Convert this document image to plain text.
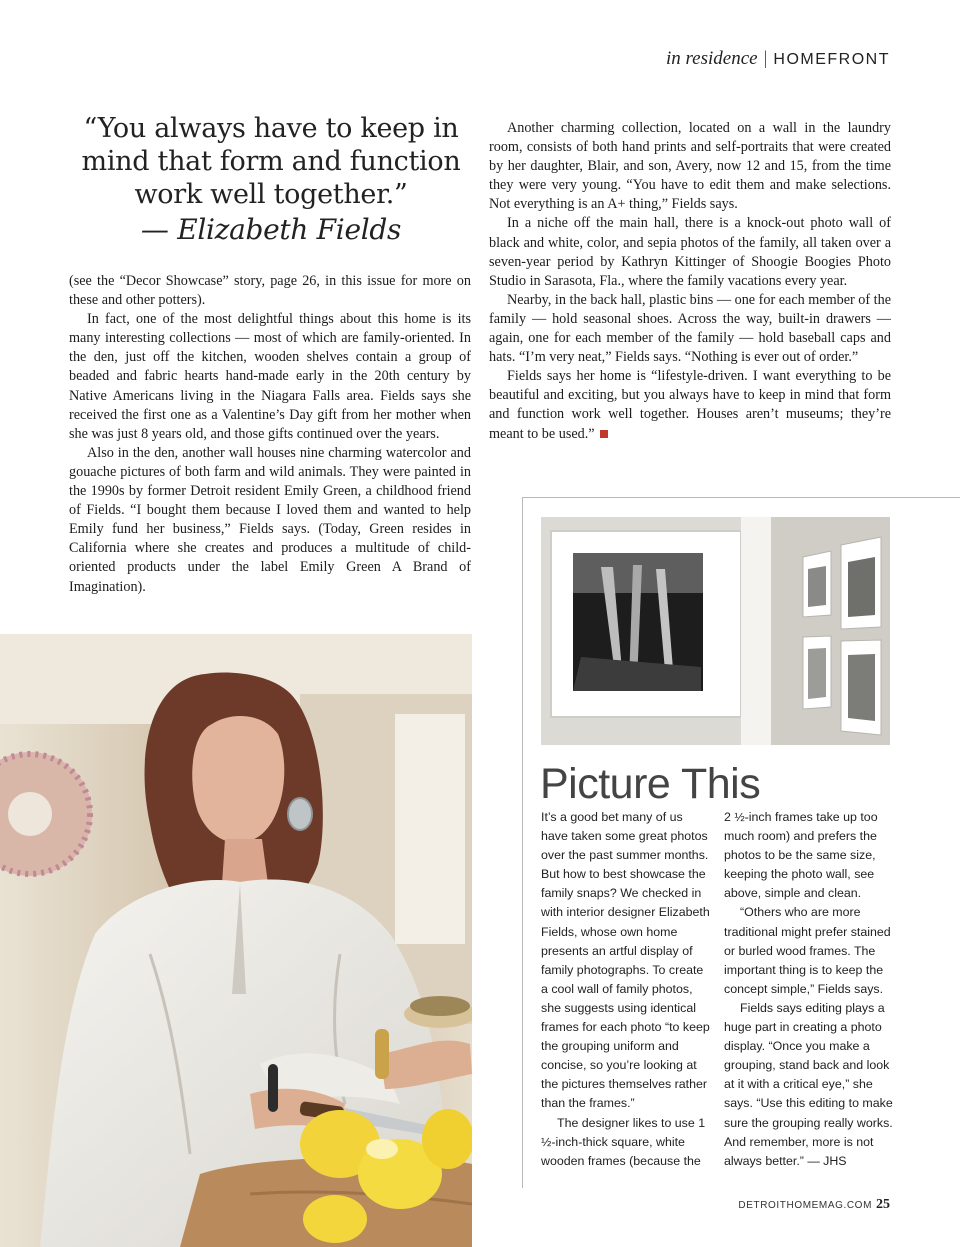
in residence | HOMEFRONT
“You always have to keep in mind that form and function work well together.”
— Elizabeth Fields

(see the “Decor Showcase” story, page 26, in this issue for more on these and other potters).

In fact, one of the most delightful things about this home is its many interesting collections — most of which are family-oriented. In the den, just off the kitchen, wooden shelves contain a group of beaded and fabric hearts hand-made early in the 20th century by Native Americans living in the Niagara Falls area. Fields says she received the first one as a Valentine’s Day gift from her mother when she was just 8 years old, and those gifts continued over the years.

Also in the den, another wall houses nine charming watercolor and gouache pictures of both farm and wild animals. They were painted in the 1990s by former Detroit resident Emily Green, a childhood friend of Fields. “I bought them because I loved them and wanted to help Emily fund her business,” Fields says. (Today, Green resides in California where she creates and produces a multitude of child-oriented products under the label Emily Green A Brand of Imagination).

Another charming collection, located on a wall in the laundry room, consists of both hand prints and self-portraits that were created by her daughter, Blair, and son, Avery, now 12 and 15, from the time they were very young. “You have to edit them and make selections. Not everything is an A+ thing,” Fields says.

In a niche off the main hall, there is a knock-out photo wall of black and white, color, and sepia photos of the family, all taken over a seven-year period by Kathryn Kittinger of Shoogie Boogies Photo Studio in Sarasota, Fla., where the family vacations every year.

Nearby, in the back hall, plastic bins — one for each member of the family — hold seasonal shoes. Across the way, built-in drawers — again, one for each member of the family — hold baseball caps and hats. “I’m very neat,” Fields says. “Nothing is ever out of order.”

Fields says her home is “lifestyle-driven. I want everything to be beautiful and exciting, but you always have to keep in mind that form and function work well together. Houses aren’t museums; they’re meant to be used.”

Picture This

It’s a good bet many of us have taken some great photos over the past summer months. But how to best showcase the family snaps? We checked in with interior designer Elizabeth Fields, whose own home presents an artful display of family photographs. To create a cool wall of family photos, she suggests using identical frames for each photo “to keep the grouping uniform and concise, so you’re looking at the pictures themselves rather than the frames.”

The designer likes to use 1 ½-inch-thick square, white wooden frames (because the

2 ½-inch frames take up too much room) and prefers the photos to be the same size, keeping the photo wall, see above, simple and clean.

“Others who are more traditional might prefer stained or burled wood frames. The important thing is to keep the concept simple,” Fields says.

Fields says editing plays a huge part in creating a photo display. “Once you make a grouping, stand back and look at it with a critical eye,” she says. “Use this editing to make sure the grouping really works. And remember, more is not always better.” — JHS

DETROITHOMEMAG.COM 25
